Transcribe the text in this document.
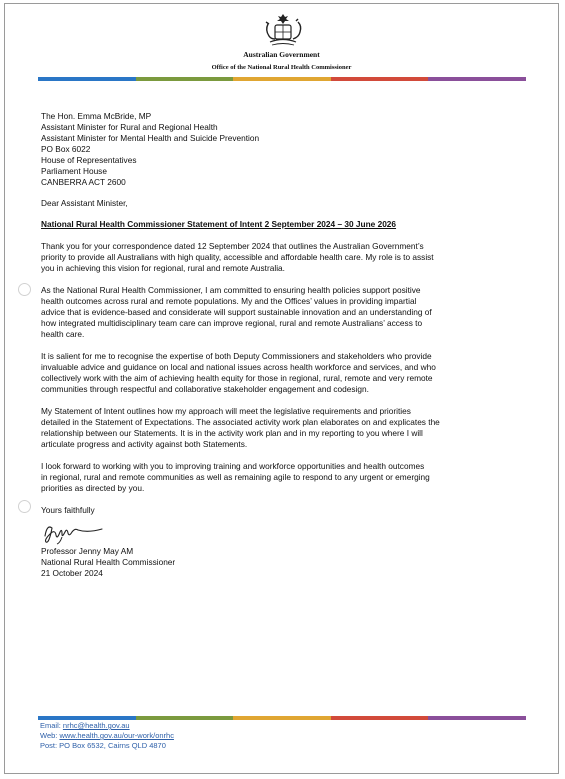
Australian Government
Office of the National Rural Health Commissioner
The Hon. Emma McBride, MP
Assistant Minister for Rural and Regional Health
Assistant Minister for Mental Health and Suicide Prevention
PO Box 6022
House of Representatives
Parliament House
CANBERRA ACT 2600
Dear Assistant Minister,
National Rural Health Commissioner Statement of Intent 2 September 2024 – 30 June 2026
Thank you for your correspondence dated 12 September 2024 that outlines the Australian Government’s
priority to provide all Australians with high quality, accessible and affordable health care. My role is to assist
you in achieving this vision for regional, rural and remote Australia.
As the National Rural Health Commissioner, I am committed to ensuring health policies support positive
health outcomes across rural and remote populations. My and the Offices’ values in providing impartial
advice that is evidence-based and considerate will support sustainable innovation and an understanding of
how integrated multidisciplinary team care can improve regional, rural and remote Australians’ access to
health care.
It is salient for me to recognise the expertise of both Deputy Commissioners and stakeholders who provide
invaluable advice and guidance on local and national issues across health workforce and services, and who
collectively work with the aim of achieving health equity for those in regional, rural, remote and very remote
communities through respectful and collaborative stakeholder engagement and codesign.
My Statement of Intent outlines how my approach will meet the legislative requirements and priorities
detailed in the Statement of Expectations. The associated activity work plan elaborates on and explicates the
relationship between our Statements. It is in the activity work plan and in my reporting to you where I will
articulate progress and activity against both Statements.
I look forward to working with you to improving training and workforce opportunities and health outcomes
in regional, rural and remote communities as well as remaining agile to respond to any urgent or emerging
priorities as directed by you.
Yours faithfully
Professor Jenny May AM
National Rural Health Commissioner
21 October 2024
Email: nrhc@health.gov.au
Web: www.health.gov.au/our-work/onrhc
Post: PO Box 6532, Cairns QLD 4870
